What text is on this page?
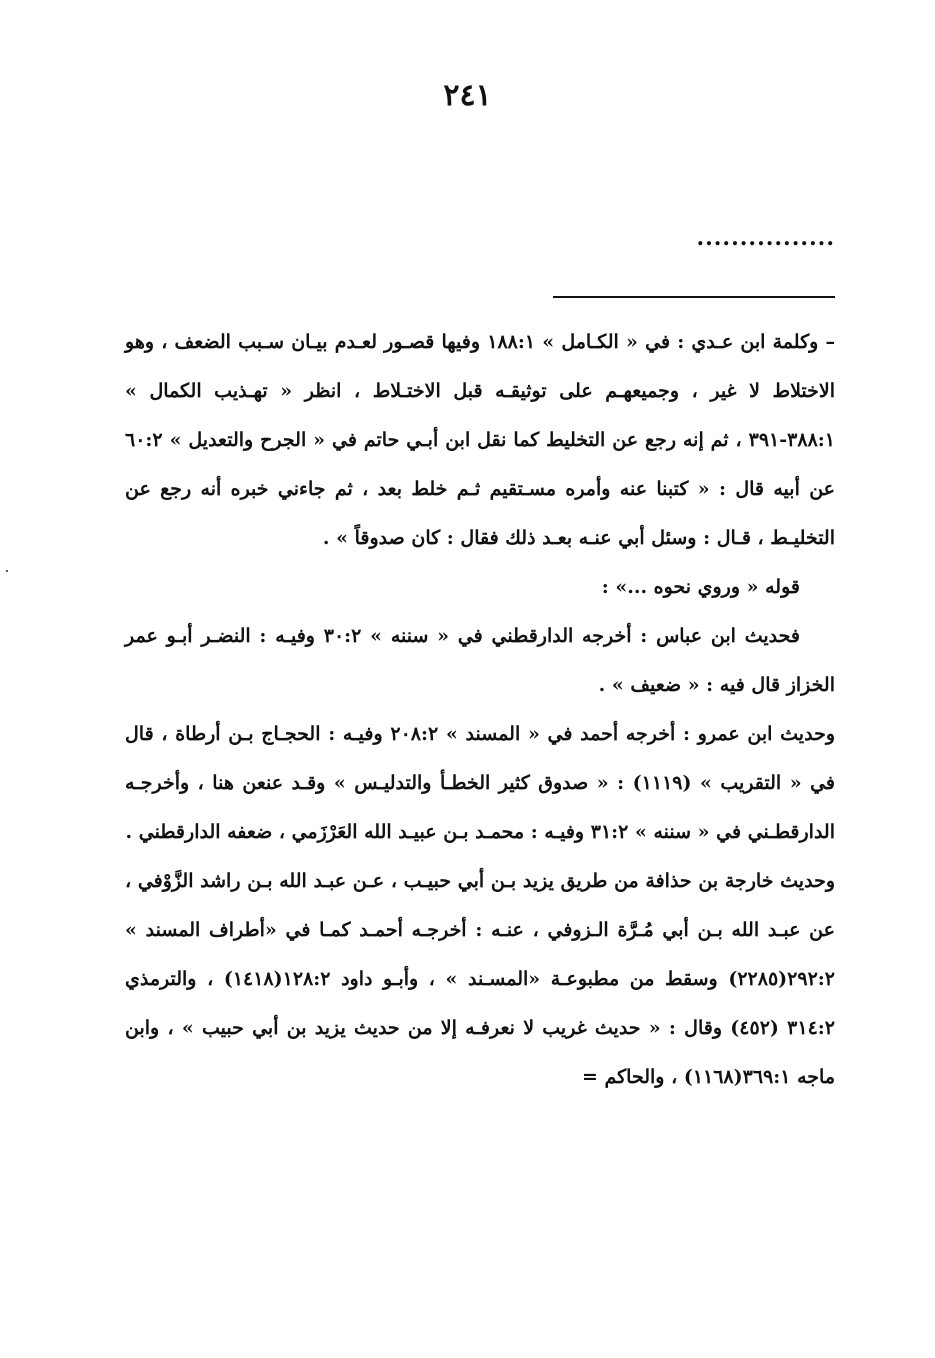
٢٤١
................

– وكلمة ابن عـدي : في « الكـامل » ١٨٨:١ وفيها قصـور لعـدم بيـان سـبب الضعف ، وهو الاختلاط لا غير ، وجميعهـم على توثيقـه قبل الاختـلاط ، انظر « تهـذيب الكمال » ٣٨٨:١-٣٩١ ، ثم إنه رجع عن التخليط كما نقل ابن أبـي حاتم في « الجرح والتعديل » ٦٠:٢ عن أبيه قال : « كتبنا عنه وأمره مسـتقيم ثـم خلط بعد ، ثم جاءني خبره أنه رجع عن التخليـط ، قـال : وسئل أبي عنـه بعـد ذلك فقال : كان صدوقاً » .

قوله « وروي نحوه ...» :

فحديث ابن عباس : أخرجه الدارقطني في « سننه » ٣٠:٢ وفيـه : النضـر أبـو عمر الخزاز قال فيه : « ضعيف » .

وحديث ابن عمرو : أخرجه أحمد في « المسند » ٢٠٨:٢ وفيـه : الحجـاج بـن أرطاة ، قال في « التقريب » (١١١٩) : « صدوق كثير الخطـأ والتدليـس » وقـد عنعن هنا ، وأخرجـه الدارقطـني في « سننه » ٣١:٢ وفيـه : محمـد بـن عبيـد الله العَرْزَمي ، ضعفه الدارقطني .

وحديث خارجة بن حذافة من طريق يزيد بـن أبي حبيـب ، عـن عبـد الله بـن راشد الزَّوْفي ، عن عبـد الله بـن أبي مُـرَّة الـزوفي ، عنـه : أخرجـه أحمـد كمـا في «أطراف المسند » ٢٩٢:٢(٢٢٨٥) وسقط من مطبوعـة «المسـند » ، وأبـو داود ١٢٨:٢(١٤١٨) ، والترمذي ٣١٤:٢ (٤٥٢) وقال : « حديث غريب لا نعرفـه إلا من حديث يزيد بن أبي حبيب » ، وابن ماجه ٣٦٩:١(١١٦٨) ، والحاكم =
